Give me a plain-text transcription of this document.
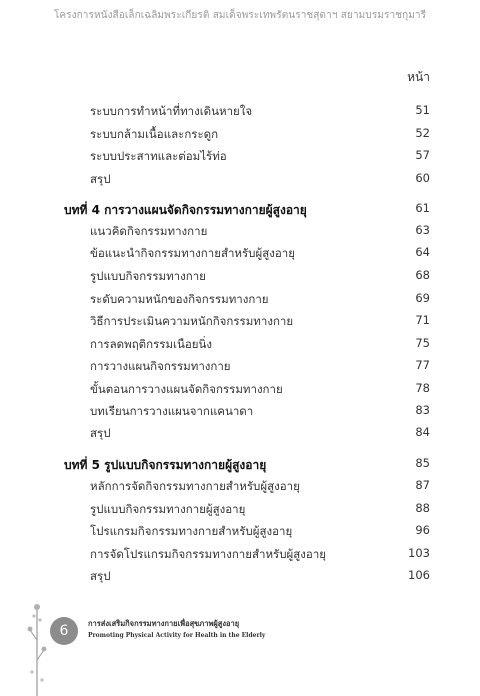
โครงการหนังสือเล็กเฉลิมพระเกียรติ สมเด็จพระเทพรัตนราชสุดาฯ สยามบรมราชกุมารี
หน้า
ระบบการทำหน้าที่ทางเดินหายใจ	51
ระบบกล้ามเนื้อและกระดูก	52
ระบบประสาทและต่อมไร้ท่อ	57
สรุป	60
บทที่ 4 การวางแผนจัดกิจกรรมทางกายผู้สูงอายุ	61
แนวคิดกิจกรรมทางกาย	63
ข้อแนะนำกิจกรรมทางกายสำหรับผู้สูงอายุ	64
รูปแบบกิจกรรมทางกาย	68
ระดับความหนักของกิจกรรมทางกาย	69
วิธีการประเมินความหนักกิจกรรมทางกาย	71
การลดพฤติกรรมเนือยนิ่ง	75
การวางแผนกิจกรรมทางกาย	77
ขั้นตอนการวางแผนจัดกิจกรรมทางกาย	78
บทเรียนการวางแผนจากแคนาดา	83
สรุป	84
บทที่ 5 รูปแบบกิจกรรมทางกายผู้สูงอายุ	85
หลักการจัดกิจกรรมทางกายสำหรับผู้สูงอายุ	87
รูปแบบกิจกรรมทางกายผู้สูงอายุ	88
โปรแกรมกิจกรรมทางกายสำหรับผู้สูงอายุ	96
การจัดโปรแกรมกิจกรรมทางกายสำหรับผู้สูงอายุ	103
สรุป	106
6	การส่งเสริมกิจกรรมทางกายเพื่อสุขภาพผู้สูงอายุ
Promoting Physical Activity for Health in the Elderly
